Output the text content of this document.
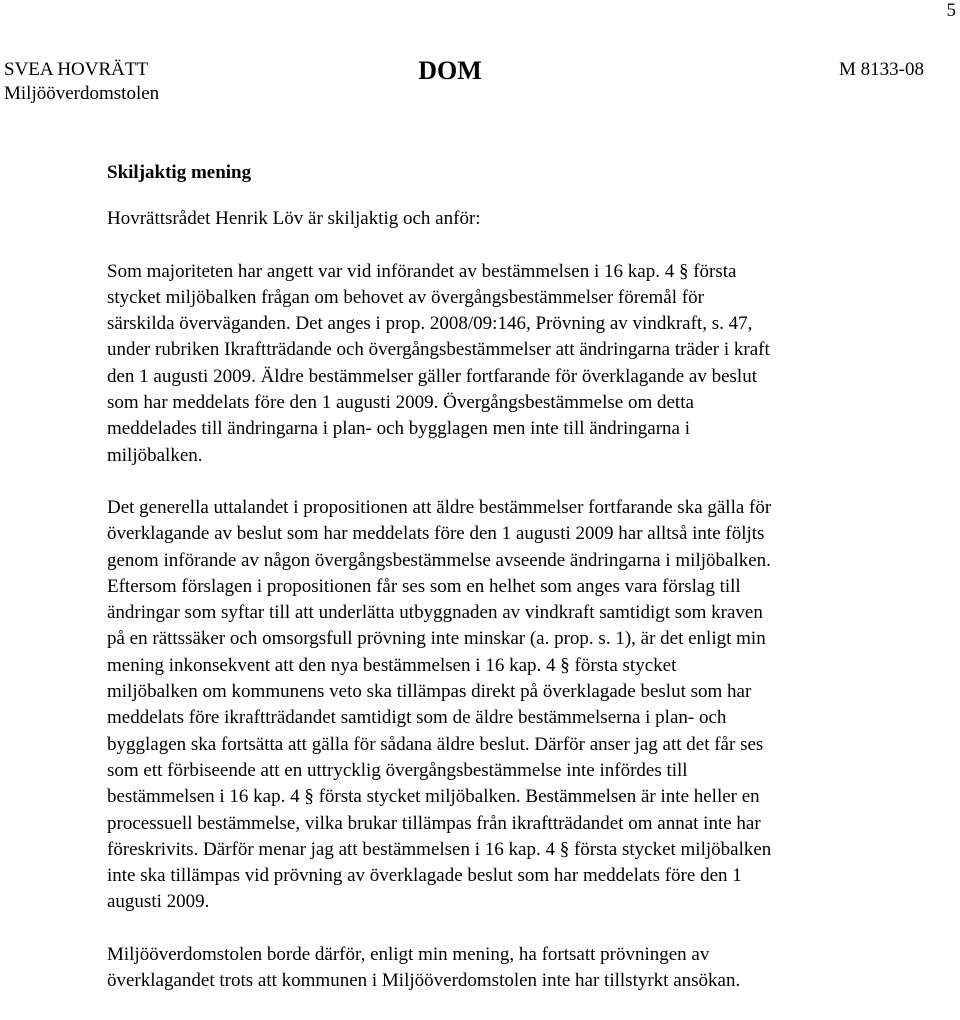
5
SVEA HOVRÄTT
Miljööverdomstolen
DOM	M 8133-08
Skiljaktig mening
Hovrättsrådet Henrik Löv är skiljaktig och anför:
Som majoriteten har angett var vid införandet av bestämmelsen i 16 kap. 4 § första
stycket miljöbalken frågan om behovet av övergångsbestämmelser föremål för
särskilda överväganden. Det anges i prop. 2008/09:146, Prövning av vindkraft, s. 47,
under rubriken Ikraftträdande och övergångsbestämmelser att ändringarna träder i kraft
den 1 augusti 2009. Äldre bestämmelser gäller fortfarande för överklagande av beslut
som har meddelats före den 1 augusti 2009. Övergångsbestämmelse om detta
meddelades till ändringarna i plan- och bygglagen men inte till ändringarna i
miljöbalken.
Det generella uttalandet i propositionen att äldre bestämmelser fortfarande ska gälla för
överklagande av beslut som har meddelats före den 1 augusti 2009 har alltså inte följts
genom införande av någon övergångsbestämmelse avseende ändringarna i miljöbalken.
Eftersom förslagen i propositionen får ses som en helhet som anges vara förslag till
ändringar som syftar till att underlätta utbyggnaden av vindkraft samtidigt som kraven
på en rättssäker och omsorgsfull prövning inte minskar (a. prop. s. 1), är det enligt min
mening inkonsekvent att den nya bestämmelsen i 16 kap. 4 § första stycket
miljöbalken om kommunens veto ska tillämpas direkt på överklagade beslut som har
meddelats före ikraftträdandet samtidigt som de äldre bestämmelserna i plan- och
bygglagen ska fortsätta att gälla för sådana äldre beslut. Därför anser jag att det får ses
som ett förbiseende att en uttrycklig övergångsbestämmelse inte infördes till
bestämmelsen i 16 kap. 4 § första stycket miljöbalken. Bestämmelsen är inte heller en
processuell bestämmelse, vilka brukar tillämpas från ikraftträdandet om annat inte har
föreskrivits. Därför menar jag att bestämmelsen i 16 kap. 4 § första stycket miljöbalken
inte ska tillämpas vid prövning av överklagade beslut som har meddelats före den 1
augusti 2009.
Miljööverdomstolen borde därför, enligt min mening, ha fortsatt prövningen av
överklagandet trots att kommunen i Miljööverdomstolen inte har tillstyrkt ansökan.
